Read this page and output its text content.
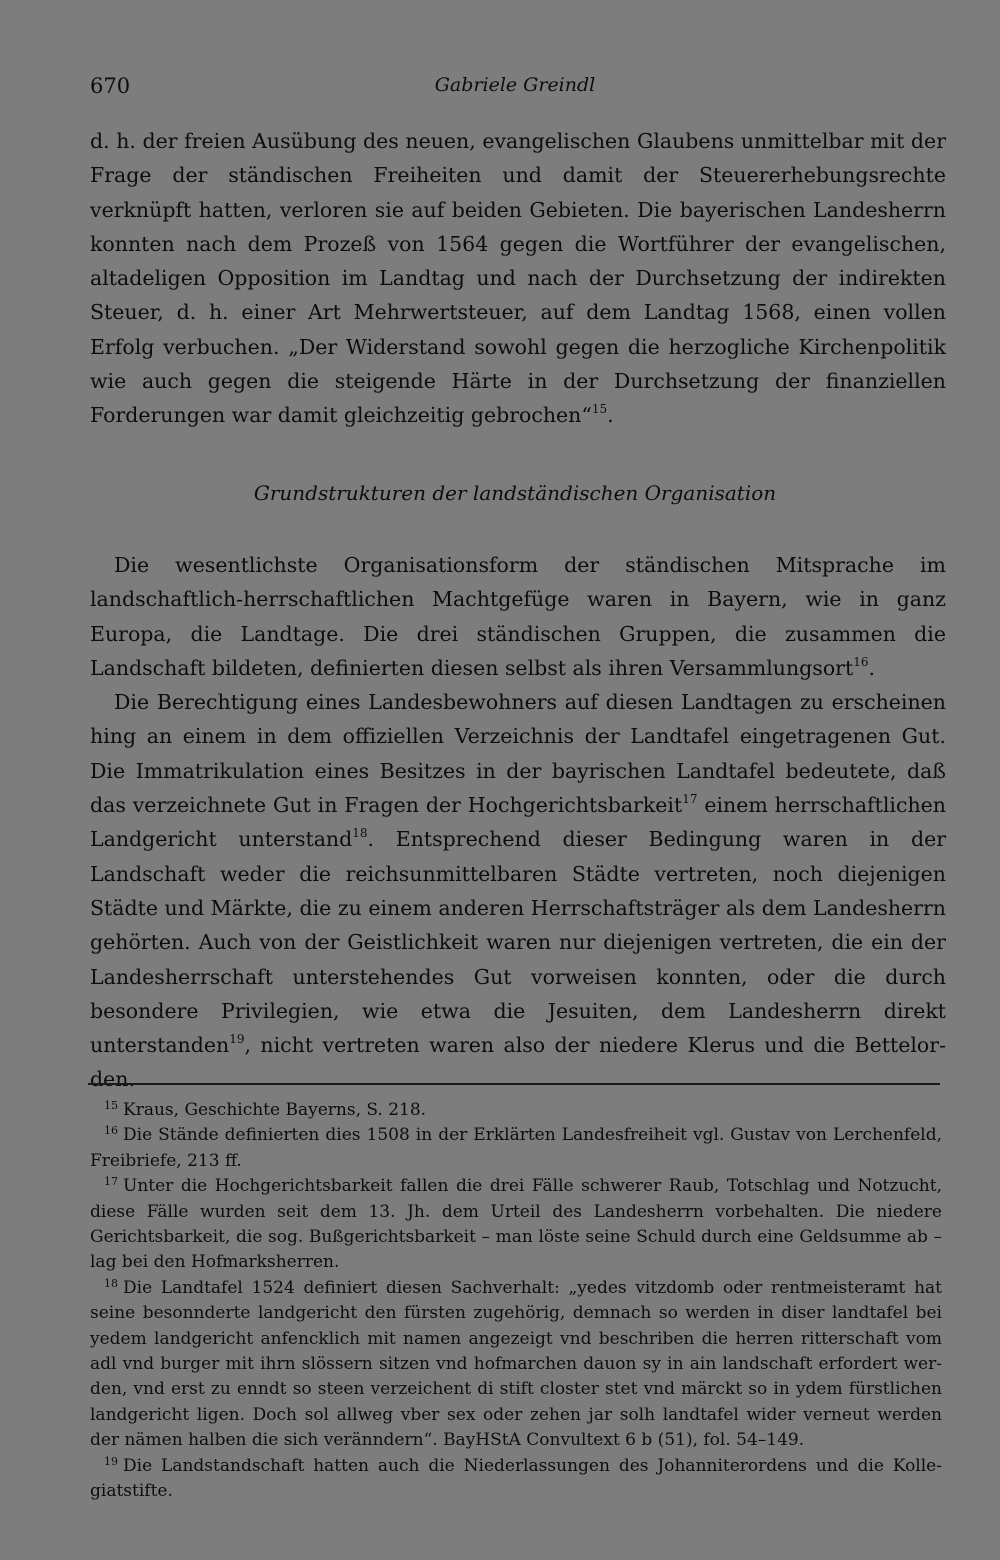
670	Gabriele Greindl

d. h. der freien Ausübung des neuen, evangelischen Glaubens unmittelbar mit der Frage der ständischen Freiheiten und damit der Steuererhebungsrechte verknüpft hatten, verloren sie auf beiden Gebieten. Die bayerischen Landesherrn konnten nach dem Prozeß von 1564 gegen die Wortführer der evangelischen, altadeligen Opposition im Landtag und nach der Durchsetzung der indirekten Steuer, d. h. einer Art Mehrwertsteuer, auf dem Landtag 1568, einen vollen Erfolg verbuchen. „Der Widerstand sowohl gegen die herzogliche Kirchenpolitik wie auch gegen die steigende Härte in der Durchsetzung der finanziellen Forderungen war damit gleichzeitig gebrochen“$^{15}$.

Grundstrukturen der landständischen Organisation

Die wesentlichste Organisationsform der ständischen Mitsprache im landschaftlich-herrschaftlichen Machtgefüge waren in Bayern, wie in ganz Europa, die Landtage. Die drei ständischen Gruppen, die zusammen die Landschaft bildeten, definierten diesen selbst als ihren Versammlungsort$^{16}$.

Die Berechtigung eines Landesbewohners auf diesen Landtagen zu erscheinen hing an einem in dem offiziellen Verzeichnis der Landtafel eingetragenen Gut. Die Immatrikulation eines Besitzes in der bayrischen Landtafel bedeutete, daß das verzeichnete Gut in Fragen der Hochgerichtsbarkeit$^{17}$ einem herrschaftlichen Landgericht unterstand$^{18}$. Entsprechend dieser Bedingung waren in der Landschaft weder die reichsunmittelbaren Städte vertreten, noch diejenigen Städte und Märkte, die zu einem anderen Herrschaftsträger als dem Landesherrn gehörten. Auch von der Geistlichkeit waren nur diejenigen vertreten, die ein der Landesherrschaft unterstehendes Gut vorweisen konnten, oder die durch besondere Privilegien, wie etwa die Jesuiten, dem Landesherrn direkt unterstanden$^{19}$, nicht vertreten waren also der niedere Klerus und die Bettelorden.

$^{15}$ Kraus, Geschichte Bayerns, S. 218.

$^{16}$ Die Stände definierten dies 1508 in der Erklärten Landesfreiheit vgl. Gustav von Lerchenfeld, Freibriefe, 213 ff.

$^{17}$ Unter die Hochgerichtsbarkeit fallen die drei Fälle schwerer Raub, Totschlag und Notzucht, diese Fälle wurden seit dem 13. Jh. dem Urteil des Landesherrn vorbehalten. Die niedere Gerichtsbarkeit, die sog. Bußgerichtsbarkeit – man löste seine Schuld durch eine Geldsumme ab – lag bei den Hofmarksherren.

$^{18}$ Die Landtafel 1524 definiert diesen Sachverhalt: „yedes vitzdomb oder rentmeisteramt hat seine besonnderte landgericht den fürsten zugehörig, demnach so werden in diser landtafel bei yedem landgericht anfencklich mit namen angezeigt vnd beschriben die herren ritterschaft vom adl vnd burger mit ihrn slössern sitzen vnd hofmarchen dauon sy in ain landschaft erfordert werden, vnd erst zu enndt so steen verzeichent di stift closter stet vnd märckt so in ydem fürstlichen landgericht ligen. Doch sol allweg vber sex oder zehen jar solh landtafel wider verneut werden der nämen halben die sich veränndern“. BayHStA Convultext 6 b (51), fol. 54–149.

$^{19}$ Die Landstandschaft hatten auch die Niederlassungen des Johanniterordens und die Kollegiatstifte.
